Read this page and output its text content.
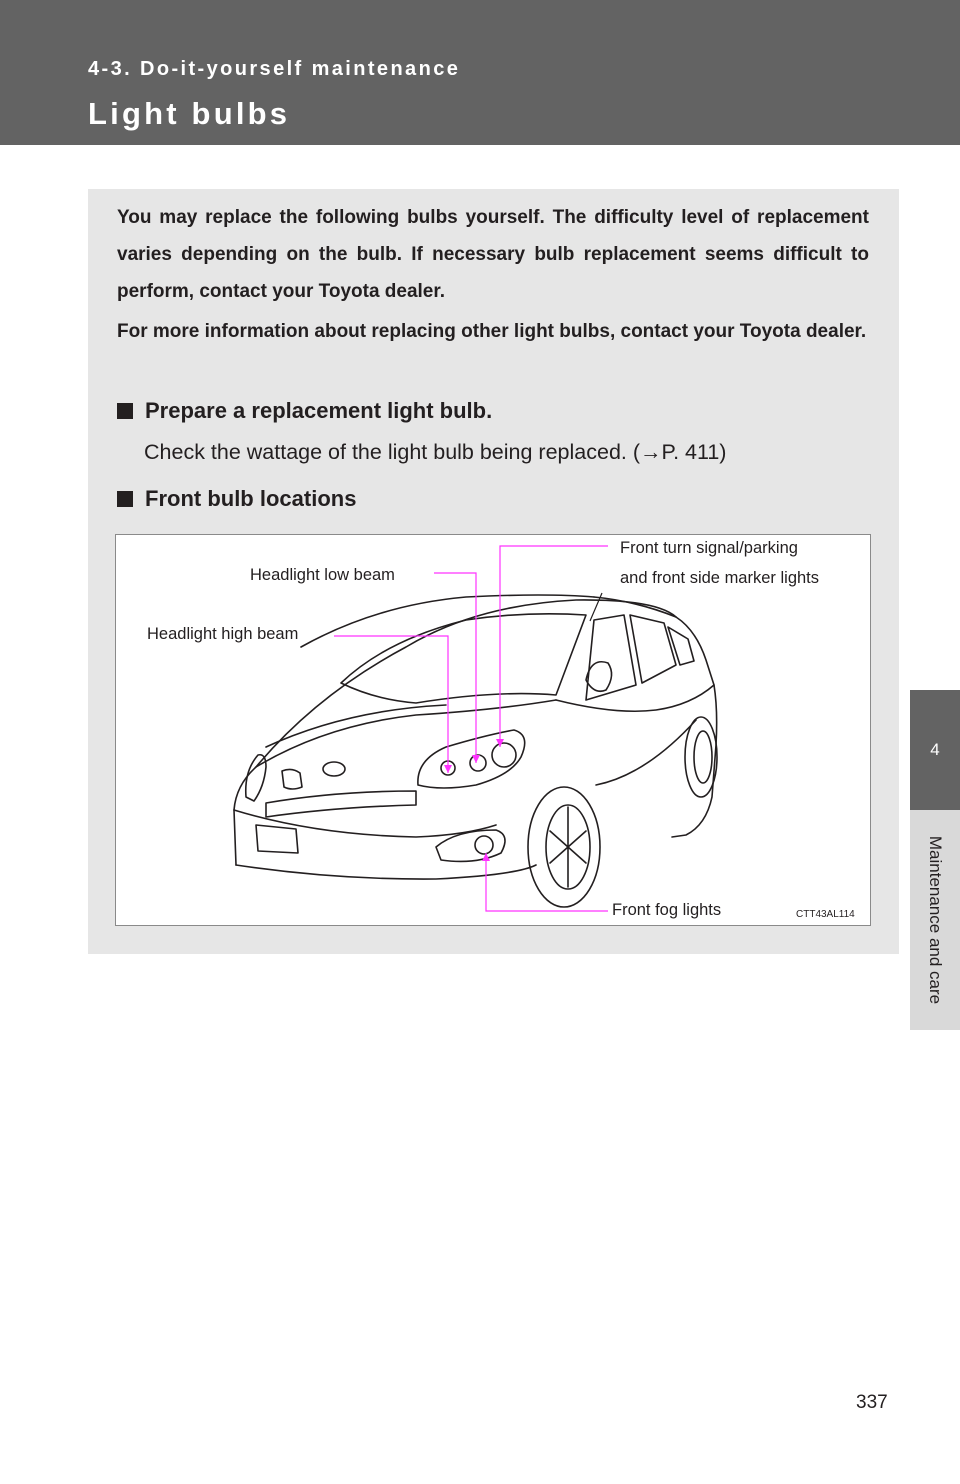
4-3. Do-it-yourself maintenance
Light bulbs
4
Maintenance and care

You may replace the following bulbs yourself. The difficulty level of replacement varies depending on the bulb. If necessary bulb replacement seems difficult to perform, contact your Toyota dealer.

For more information about replacing other light bulbs, contact your Toyota dealer.

Prepare a replacement light bulb.
Check the wattage of the light bulb being replaced. (→P. 411)
Front bulb locations
Headlight high beam
Headlight low beam
Front turn signal/parking
and front side marker lights
Front fog lights	CTT43AL114
337
